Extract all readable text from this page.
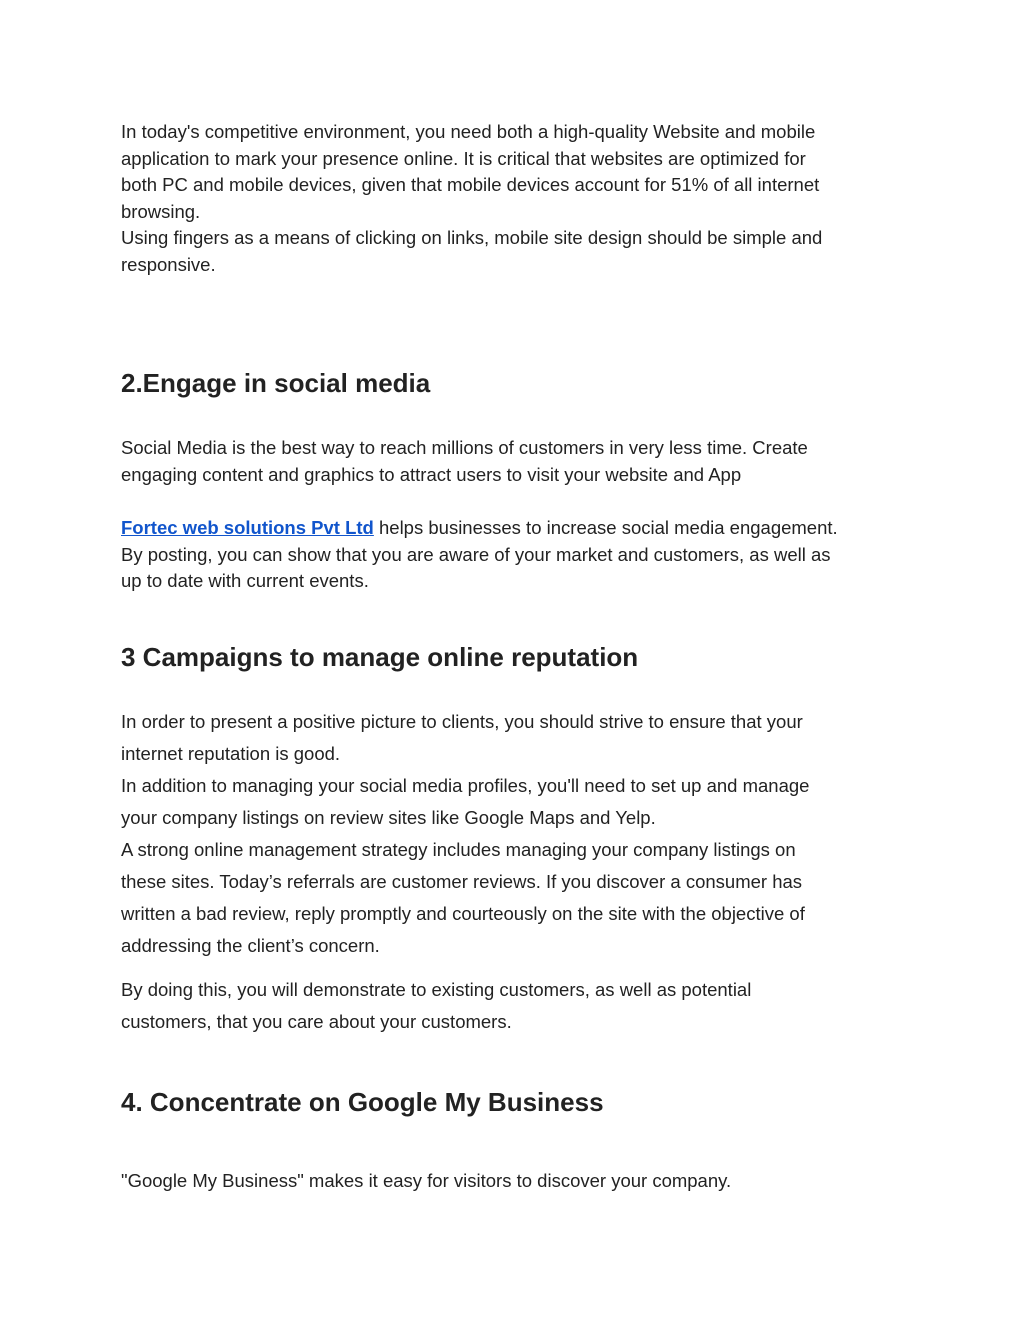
In today's competitive environment, you need both a high-quality Website and mobile
application to mark your presence online. It is critical that websites are optimized for
both PC and mobile devices, given that mobile devices account for 51% of all internet
browsing.
Using fingers as a means of clicking on links, mobile site design should be simple and
responsive.
2.Engage in social media
Social Media is the best way to reach millions of customers in very less time. Create
engaging content and graphics to attract users to visit your website and App
Fortec web solutions Pvt Ltd helps businesses to increase social media engagement.
By posting, you can show that you are aware of your market and customers, as well as
up to date with current events.
3 Campaigns to manage online reputation
In order to present a positive picture to clients, you should strive to ensure that your
internet reputation is good.
In addition to managing your social media profiles, you'll need to set up and manage
your company listings on review sites like Google Maps and Yelp.
A strong online management strategy includes managing your company listings on
these sites. Today’s referrals are customer reviews. If you discover a consumer has
written a bad review, reply promptly and courteously on the site with the objective of
addressing the client’s concern.
By doing this, you will demonstrate to existing customers, as well as potential
customers, that you care about your customers.
4. Concentrate on Google My Business
"Google My Business" makes it easy for visitors to discover your company.
